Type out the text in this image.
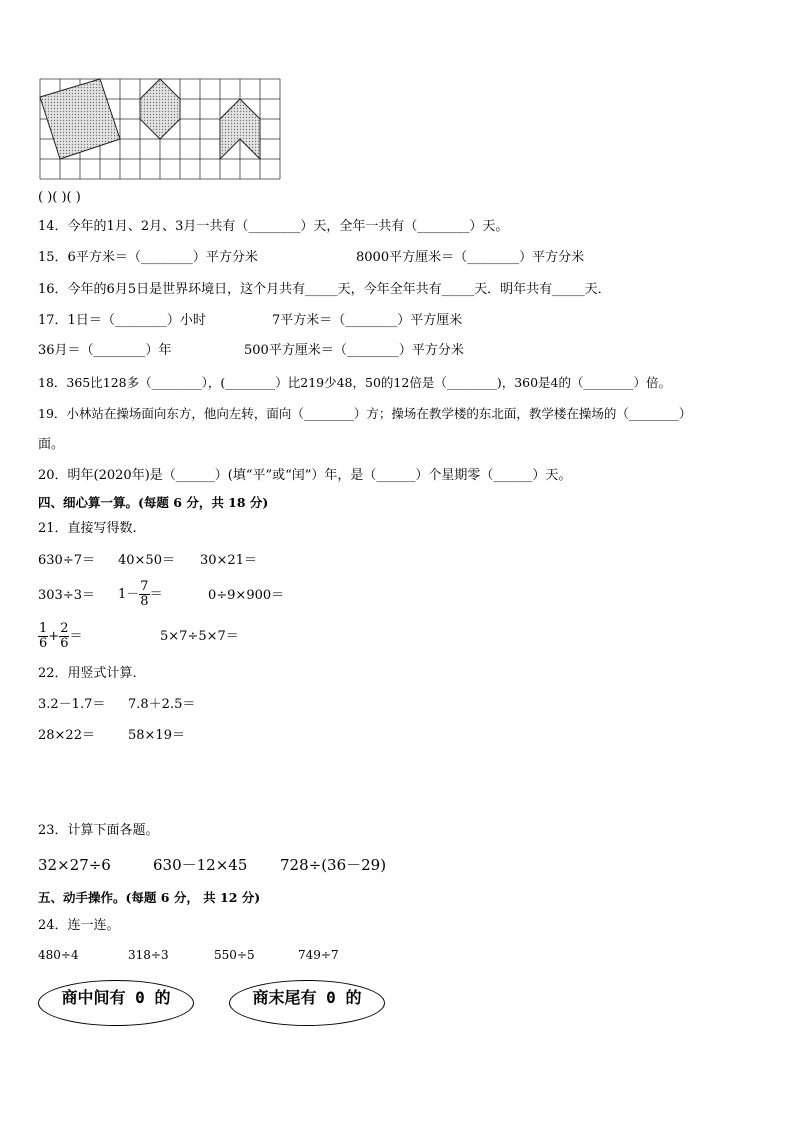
( )( )( )
14．今年的1月、2月、3月一共有（________）天，全年一共有（________）天。
15．6平方米＝（________）平方分米	8000平方厘米＝（________）平方分米
16．今年的6月5日是世界环境日，这个月共有_____天，今年全年共有_____天．明年共有_____天．
17．1日＝（________）小时	7平方米＝（________）平方厘米
36月＝（________）年	500平方厘米＝（________）平方分米
18．365比128多（________），(________）比219少48，50的12倍是（________)，360是4的（________）倍。
19．小林站在操场面向东方，他向左转，面向（________）方；操场在教学楼的东北面，教学楼在操场的（________）
面。
20．明年(2020年)是（______）(填“平”或“闰”）年，是（______）个星期零（______）天。
四、细心算一算。(每题 6 分，共 18 分)
21．直接写得数.
630÷7＝ 40×50＝ 30×21＝
$303\div 3= 1- \frac{7}{8}$ ＝	0÷9×900＝
$\frac{1}{6} + \frac{2}{6}$ ＝	5×7÷5×7＝
22．用竖式计算.
3.2－1.7＝ 7.8＋2.5＝
28×22＝	58×19＝
23．计算下面各题。
32×27÷6	630－12×45 728÷(36－29)
五、动手操作。(每题 6 分， 共 12 分)
24．连一连。
480÷4	318÷3	550÷5	749÷7
商中间有 0 的	商末尾有 0 的
